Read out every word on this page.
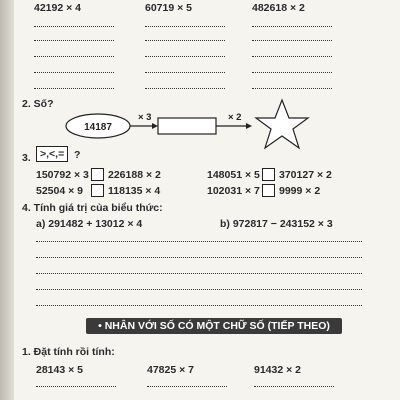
42192 × 4	60719 × 5	482618 × 2
2. Số?
14187
× 3	× 2
3. >,<,= ?
150792 × 3 226188 × 2
52504 × 9 118135 × 4
148051 × 5 370127 × 2
102031 × 7 9999 × 2
4. Tính giá trị của biểu thức:
a) 291482 + 13012 × 4	b) 972817 − 243152 × 3
• NHÂN VỚI SỐ CÓ MỘT CHỮ SỐ (TIẾP THEO)
1. Đặt tính rồi tính:
28143 × 5	47825 × 7	91432 × 2
